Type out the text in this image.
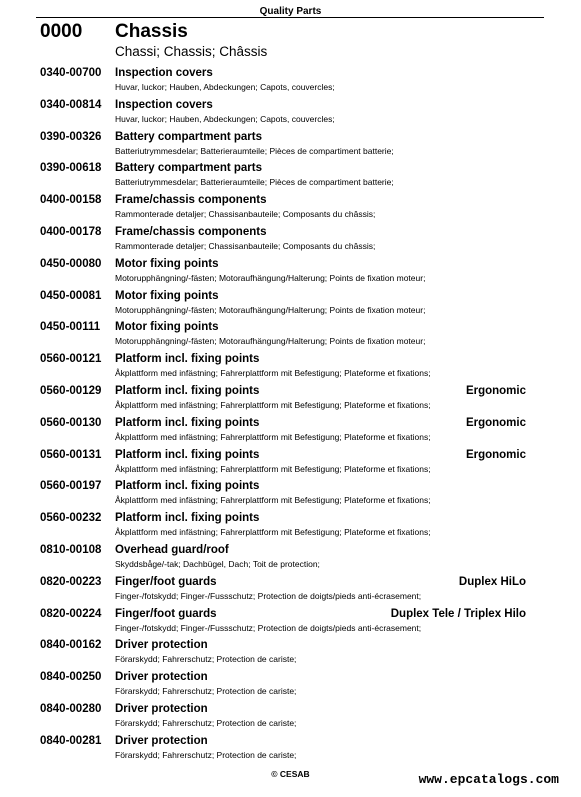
Quality Parts
0000 Chassis
Chassi; Chassis; Châssis
0340-00700 Inspection covers
Huvar, luckor; Hauben, Abdeckungen; Capots, couvercles;
0340-00814 Inspection covers
Huvar, luckor; Hauben, Abdeckungen; Capots, couvercles;
0390-00326 Battery compartment parts
Batteriutrymmesdelar; Batterieraumteile; Pièces de compartiment batterie;
0390-00618 Battery compartment parts
Batteriutrymmesdelar; Batterieraumteile; Pièces de compartiment batterie;
0400-00158 Frame/chassis components
Rammonterade detaljer; Chassisanbauteile; Composants du châssis;
0400-00178 Frame/chassis components
Rammonterade detaljer; Chassisanbauteile; Composants du châssis;
0450-00080 Motor fixing points
Motorupphängning/-fästen; Motoraufhängung/Halterung; Points de fixation moteur;
0450-00081 Motor fixing points
Motorupphängning/-fästen; Motoraufhängung/Halterung; Points de fixation moteur;
0450-00111 Motor fixing points
Motorupphängning/-fästen; Motoraufhängung/Halterung; Points de fixation moteur;
0560-00121 Platform incl. fixing points
Åkplattform med infästning; Fahrerplattform mit Befestigung; Plateforme et fixations;
0560-00129 Platform incl. fixing points	Ergonomic
Åkplattform med infästning; Fahrerplattform mit Befestigung; Plateforme et fixations;
0560-00130 Platform incl. fixing points	Ergonomic
Åkplattform med infästning; Fahrerplattform mit Befestigung; Plateforme et fixations;
0560-00131 Platform incl. fixing points	Ergonomic
Åkplattform med infästning; Fahrerplattform mit Befestigung; Plateforme et fixations;
0560-00197 Platform incl. fixing points
Åkplattform med infästning; Fahrerplattform mit Befestigung; Plateforme et fixations;
0560-00232 Platform incl. fixing points
Åkplattform med infästning; Fahrerplattform mit Befestigung; Plateforme et fixations;
0810-00108 Overhead guard/roof
Skyddsbåge/-tak; Dachbügel, Dach; Toit de protection;
0820-00223 Finger/foot guards	Duplex HiLo
Finger-/fotskydd; Finger-/Fussschutz; Protection de doigts/pieds anti-écrasement;
0820-00224 Finger/foot guards	Duplex Tele / Triplex Hilo
Finger-/fotskydd; Finger-/Fussschutz; Protection de doigts/pieds anti-écrasement;
0840-00162 Driver protection
Förarskydd; Fahrerschutz; Protection de cariste;
0840-00250 Driver protection
Förarskydd; Fahrerschutz; Protection de cariste;
0840-00280 Driver protection
Förarskydd; Fahrerschutz; Protection de cariste;
0840-00281 Driver protection
Förarskydd; Fahrerschutz; Protection de cariste;
© CESAB	www.epcatalogs.com
